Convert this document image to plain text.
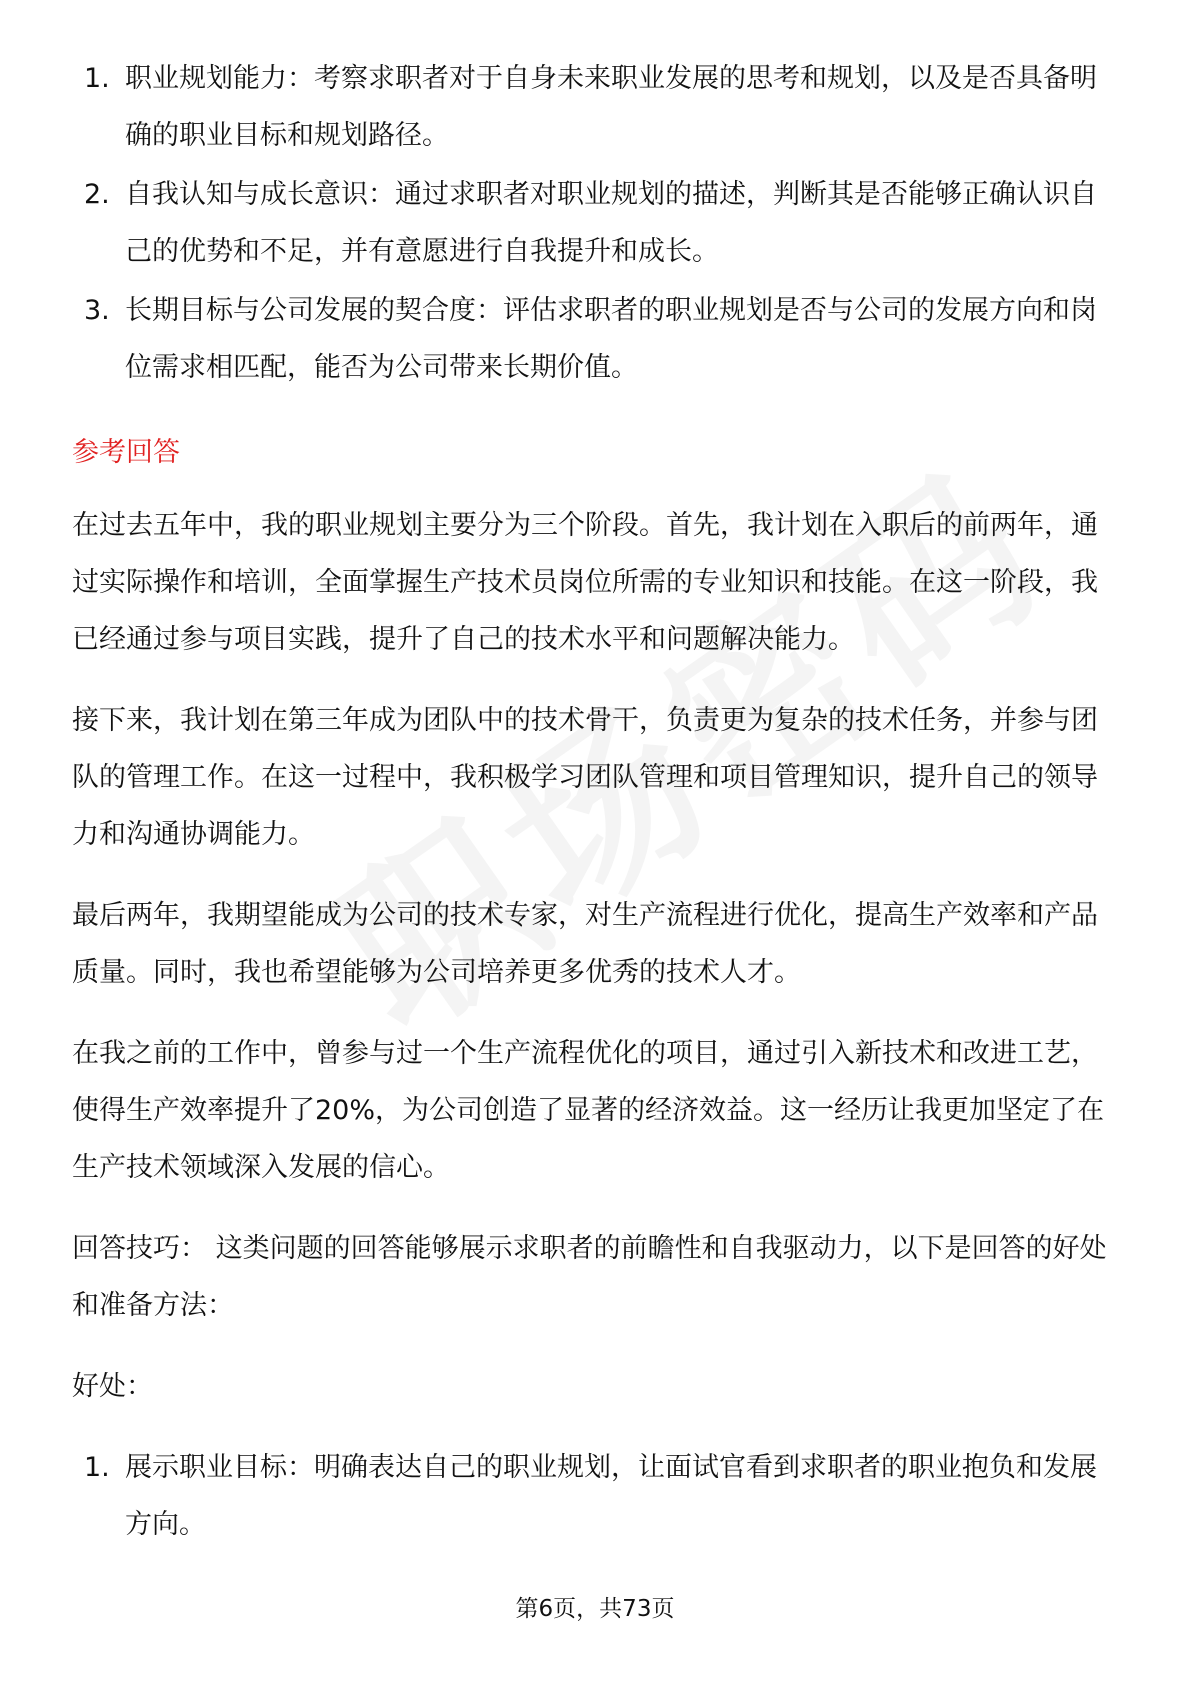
1. 职业规划能力：考察求职者对于自身未来职业发展的思考和规划，以及是否具备明确的职业目标和规划路径。
2. 自我认知与成长意识：通过求职者对职业规划的描述，判断其是否能够正确认识自己的优势和不足，并有意愿进行自我提升和成长。
3. 长期目标与公司发展的契合度：评估求职者的职业规划是否与公司的发展方向和岗位需求相匹配，能否为公司带来长期价值。
参考回答

在过去五年中，我的职业规划主要分为三个阶段。首先，我计划在入职后的前两年，通过实际操作和培训，全面掌握生产技术员岗位所需的专业知识和技能。在这一阶段，我已经通过参与项目实践，提升了自己的技术水平和问题解决能力。

接下来，我计划在第三年成为团队中的技术骨干，负责更为复杂的技术任务，并参与团队的管理工作。在这一过程中，我积极学习团队管理和项目管理知识，提升自己的领导力和沟通协调能力。

最后两年，我期望能成为公司的技术专家，对生产流程进行优化，提高生产效率和产品质量。同时，我也希望能够为公司培养更多优秀的技术人才。

在我之前的工作中，曾参与过一个生产流程优化的项目，通过引入新技术和改进工艺，使得生产效率提升了20%，为公司创造了显著的经济效益。这一经历让我更加坚定了在生产技术领域深入发展的信心。

回答技巧： 这类问题的回答能够展示求职者的前瞻性和自我驱动力，以下是回答的好处和准备方法：

好处：

1. 展示职业目标：明确表达自己的职业规划，让面试官看到求职者的职业抱负和发展方向。
第6页，共73页
